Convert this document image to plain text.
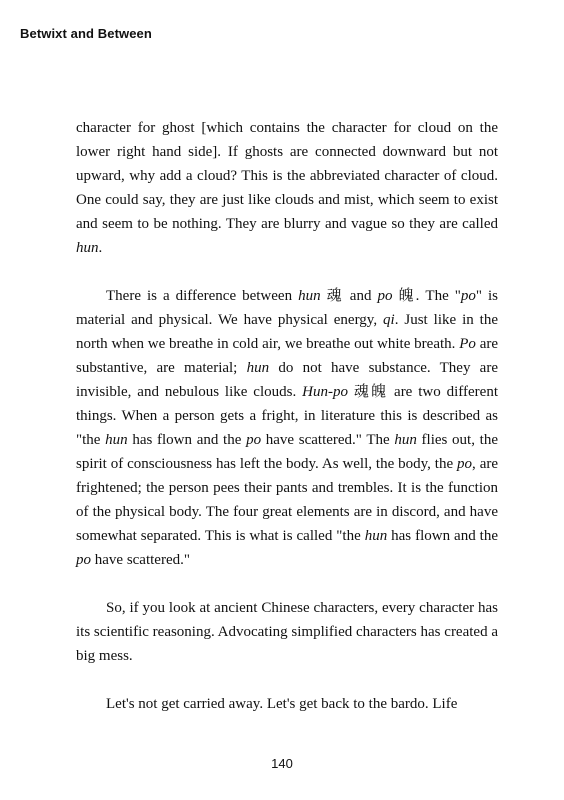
Betwixt and Between

character for ghost [which contains the character for cloud on the lower right hand side]. If ghosts are connected downward but not upward, why add a cloud? This is the abbreviated character of cloud. One could say, they are just like clouds and mist, which seem to exist and seem to be nothing. They are blurry and vague so they are called hun.

There is a difference between hun 魂 and po 魄. The "po" is material and physical. We have physical energy, qi. Just like in the north when we breathe in cold air, we breathe out white breath. Po are substantive, are material; hun do not have substance. They are invisible, and nebulous like clouds. Hun-po 魂魄 are two different things. When a person gets a fright, in literature this is described as "the hun has flown and the po have scattered." The hun flies out, the spirit of consciousness has left the body. As well, the body, the po, are frightened; the person pees their pants and trembles. It is the function of the physical body. The four great elements are in discord, and have somewhat separated. This is what is called "the hun has flown and the po have scattered."

So, if you look at ancient Chinese characters, every character has its scientific reasoning. Advocating simplified characters has created a big mess.

Let's not get carried away. Let's get back to the bardo. Life

140
